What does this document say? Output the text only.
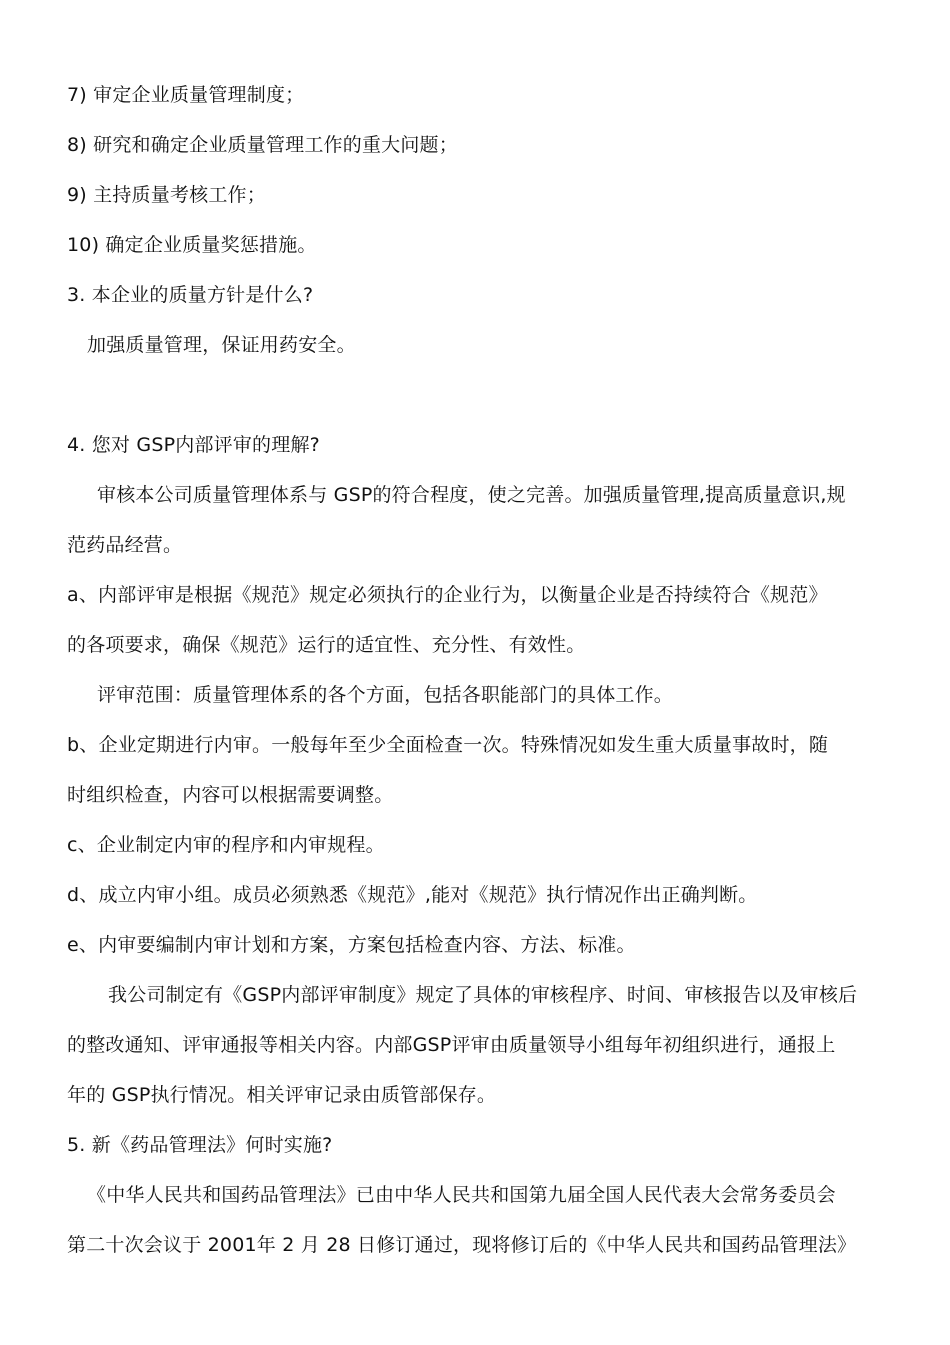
7) 审定企业质量管理制度；
8) 研究和确定企业质量管理工作的重大问题；
9) 主持质量考核工作；
10) 确定企业质量奖惩措施。
3. 本企业的质量方针是什么?
加强质量管理，保证用药安全。
4. 您对 GSP内部评审的理解?
审核本公司质量管理体系与 GSP的符合程度，使之完善。加强质量管理,提高质量意识,规
范药品经营。
a、内部评审是根据《规范》规定必须执行的企业行为，以衡量企业是否持续符合《规范》
的各项要求，确保《规范》运行的适宜性、充分性、有效性。
评审范围：质量管理体系的各个方面，包括各职能部门的具体工作。
b、企业定期进行内审。一般每年至少全面检查一次。特殊情况如发生重大质量事故时，随
时组织检查，内容可以根据需要调整。
c、企业制定内审的程序和内审规程。
d、成立内审小组。成员必须熟悉《规范》,能对《规范》执行情况作出正确判断。
e、内审要编制内审计划和方案，方案包括检查内容、方法、标准。
我公司制定有《GSP内部评审制度》规定了具体的审核程序、时间、审核报告以及审核后
的整改通知、评审通报等相关内容。内部GSP评审由质量领导小组每年初组织进行，通报上
年的 GSP执行情况。相关评审记录由质管部保存。
5. 新《药品管理法》何时实施?
《中华人民共和国药品管理法》已由中华人民共和国第九届全国人民代表大会常务委员会
第二十次会议于 2001年 2 月 28 日修订通过，现将修订后的《中华人民共和国药品管理法》
